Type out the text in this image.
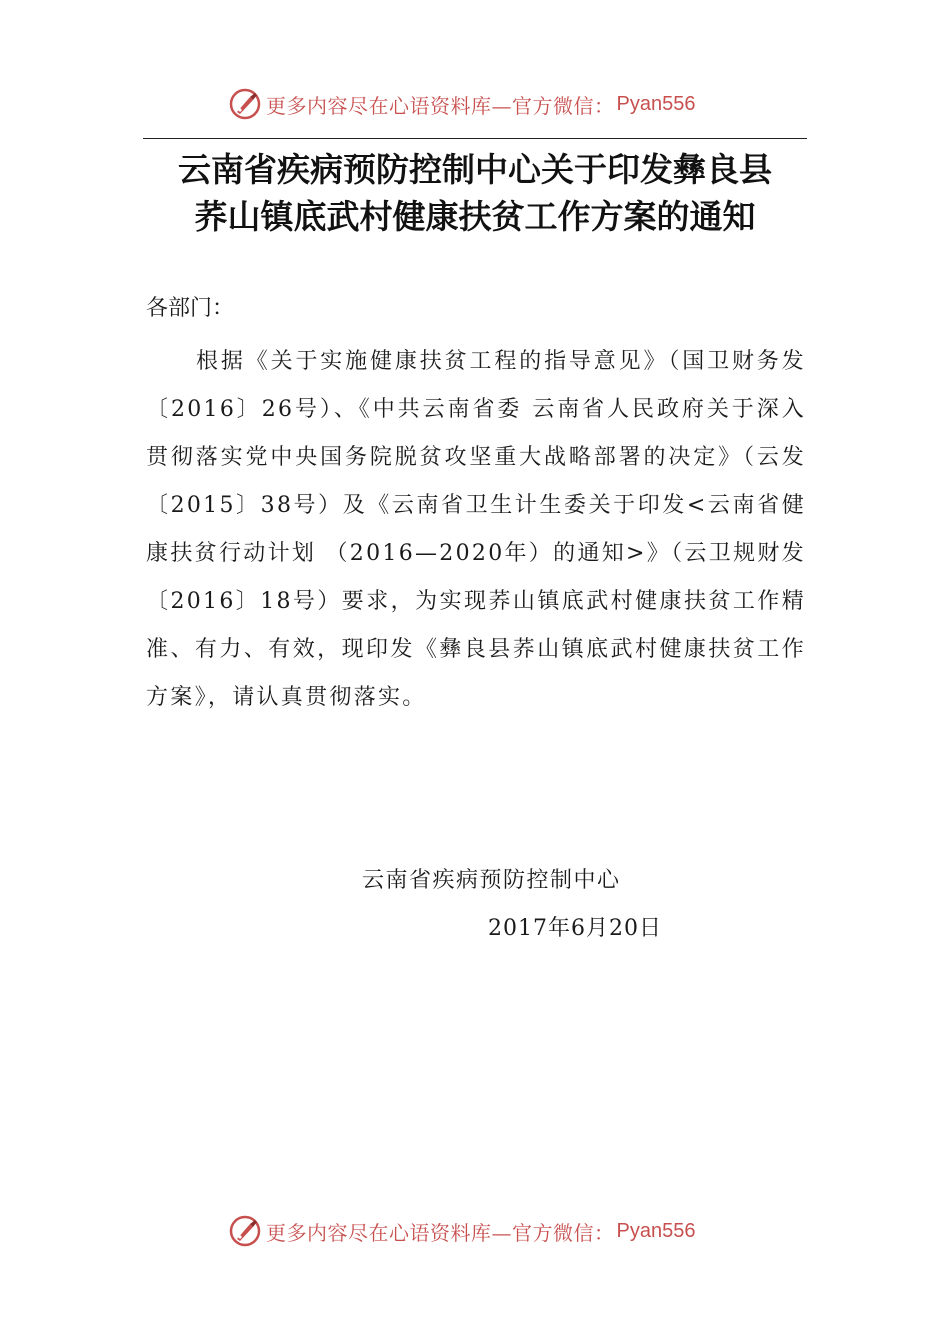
更多内容尽在心语资料库—官方微信： Pyan556
云南省疾病预防控制中心关于印发彝良县
荞山镇底武村健康扶贫工作方案的通知
各部门：

根据《关于实施健康扶贫工程的指导意见》（国卫财务发〔2016〕26号）、《中共云南省委 云南省人民政府关于深入贯彻落实党中央国务院脱贫攻坚重大战略部署的决定》（云发〔2015〕38号）及《云南省卫生计生委关于印发<云南省健康扶贫行动计划 （2016—2020年）的通知>》（云卫规财发〔2016〕18号）要求，为实现荞山镇底武村健康扶贫工作精准、有力、有效，现印发《彝良县荞山镇底武村健康扶贫工作方案》，请认真贯彻落实。

云南省疾病预防控制中心
2017年6月20日
更多内容尽在心语资料库—官方微信： Pyan556
